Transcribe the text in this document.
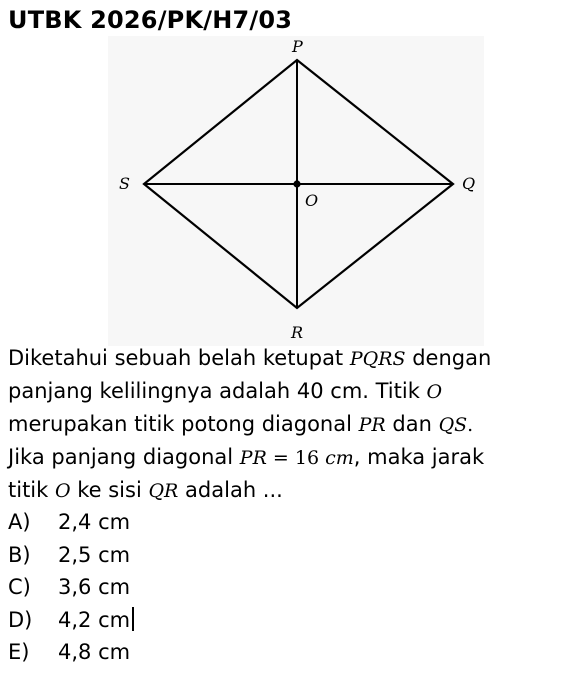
UTBK 2026/PK/H7/03
P
Q
R
S
O
Diketahui sebuah belah ketupat PQRS dengan
panjang kelilingnya adalah 40 cm. Titik O
merupakan titik potong diagonal PR dan QS.
Jika panjang diagonal PR = 16 cm, maka jarak
titik O ke sisi QR adalah ...
A) 2,4 cm
B) 2,5 cm
C) 3,6 cm
D) 4,2 cm
E) 4,8 cm
